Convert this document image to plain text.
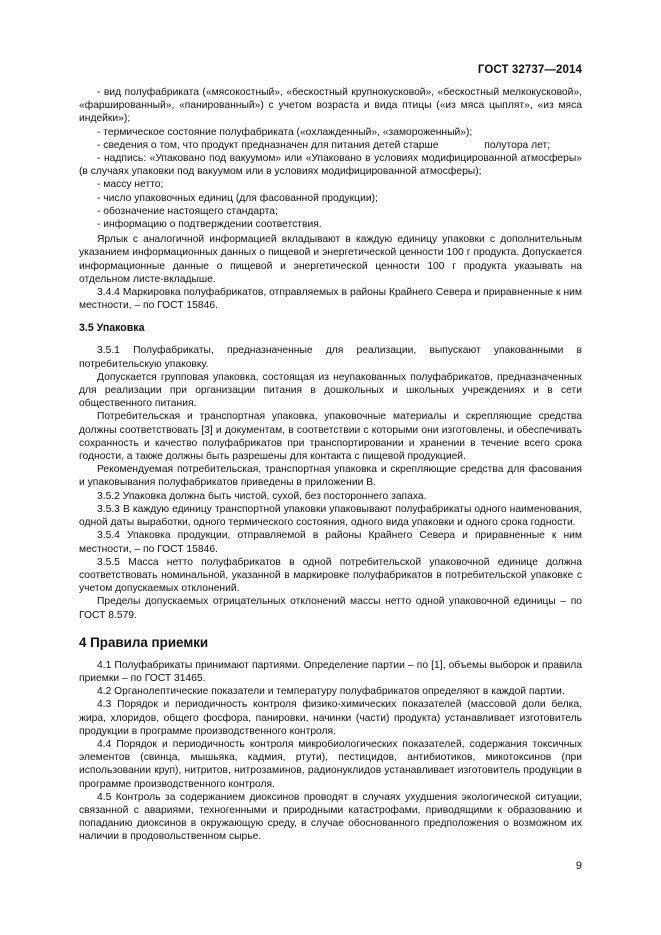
ГОСТ 32737—2014

- вид полуфабриката («мясокостный», «бескостный крупнокусковой», «бескостный мелкокусковой», «фаршированный», «панированный») с учетом возраста и вида птицы («из мяса цыплят», «из мяса индейки»);

- термическое состояние полуфабриката («охлажденный», «замороженный»);

- сведения о том, что продукт предназначен для питания детей старше                полутора лет;

- надпись: «Упаковано под вакуумом» или «Упаковано в условиях модифицированной атмосферы» (в случаях упаковки под вакуумом или в условиях модифицированной атмосферы);

- массу нетто;

- число упаковочных единиц (для фасованной продукции);

- обозначение настоящего стандарта;

- информацию о подтверждении соответствия.

Ярлык с аналогичной информацией вкладывают в каждую единицу упаковки с дополнительным указанием информационных данных о пищевой и энергетической ценности 100 г продукта. Допускается информационные данные о пищевой и энергетической ценности 100 г продукта указывать на отдельном листе-вкладыше.

3.4.4 Маркировка полуфабрикатов, отправляемых в районы Крайнего Севера и приравненные к ним местности, – по ГОСТ 15846.

3.5 Упаковка

3.5.1 Полуфабрикаты, предназначенные для реализации, выпускают упакованными в потребительскую упаковку.

Допускается групповая упаковка, состоящая из неупакованных полуфабрикатов, предназначенных для реализации при организации питания в дошкольных и школьных учреждениях и в сети общественного питания.

Потребительская и транспортная упаковка, упаковочные материалы и скрепляющие средства должны соответствовать [3] и документам, в соответствии с которыми они изготовлены, и обеспечивать сохранность и качество полуфабрикатов при транспортировании и хранении в течение всего срока годности, а также должны быть разрешены для контакта с пищевой продукцией.

Рекомендуемая потребительская, транспортная упаковка и скрепляющие средства для фасования и упаковывания полуфабрикатов приведены в приложении В.

3.5.2 Упаковка должна быть чистой, сухой, без постороннего запаха.

3.5.3 В каждую единицу транспортной упаковки упаковывают полуфабрикаты одного наименования, одной даты выработки, одного термического состояния, одного вида упаковки и одного срока годности.

3.5.4 Упаковка продукции, отправляемой в районы Крайнего Севера и приравненные к ним местности, – по ГОСТ 15846.

3.5.5 Масса нетто полуфабрикатов в одной потребительской упаковочной единице должна соответствовать номинальной, указанной в маркировке полуфабрикатов в потребительской упаковке с учетом допускаемых отклонений.

Пределы допускаемых отрицательных отклонений массы нетто одной упаковочной единицы – по ГОСТ 8.579.

4 Правила приемки

4.1 Полуфабрикаты принимают партиями. Определение партии – по [1], объемы выборок и правила приемки – по ГОСТ 31465.

4.2 Органолептические показатели и температуру полуфабрикатов определяют в каждой партии.

4.3 Порядок и периодичность контроля физико-химических показателей (массовой доли белка, жира, хлоридов, общего фосфора, панировки, начинки (части) продукта) устанавливает изготовитель продукции в программе производственного контроля.

4.4 Порядок и периодичность контроля микробиологических показателей, содержания токсичных элементов (свинца, мышьяка, кадмия, ртути), пестицидов, антибиотиков, микотоксинов (при использовании круп), нитритов, нитрозаминов, радионуклидов устанавливает изготовитель продукции в программе производственного контроля.

4.5 Контроль за содержанием диоксинов проводят в случаях ухудшения экологической ситуации, связанной с авариями, техногенными и природными катастрофами, приводящими к образованию и попаданию диоксинов в окружающую среду, в случае обоснованного предположения о возможном их наличии в продовольственном сырье.

9
